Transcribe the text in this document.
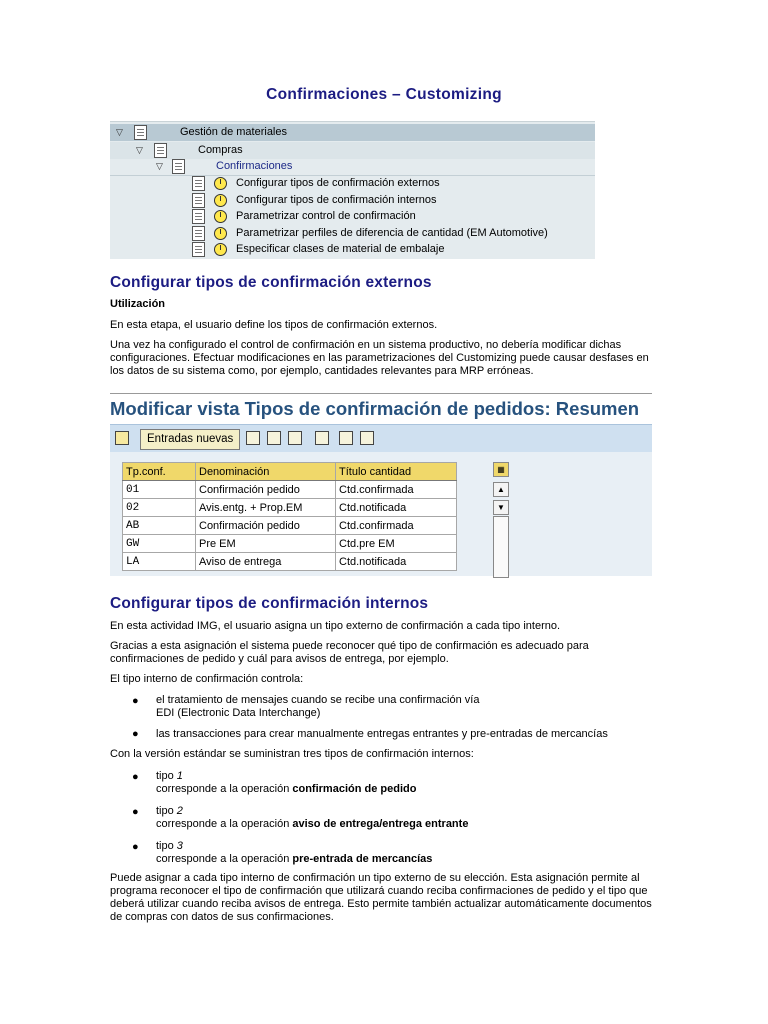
Confirmaciones – Customizing
▽	Gestión de materiales
▽	Compras
▽	Confirmaciones
Configurar tipos de confirmación externos
Configurar tipos de confirmación internos
Parametrizar control de confirmación
Parametrizar perfiles de diferencia de cantidad (EM Automotive)
Especificar clases de material de embalaje
Configurar tipos de confirmación externos
Utilización
En esta etapa, el usuario define los tipos de confirmación externos.
Una vez ha configurado el control de confirmación en un sistema productivo, no debería modificar dichas configuraciones. Efectuar modificaciones en las parametrizaciones del Customizing puede causar desfases en los datos de su sistema como, por ejemplo, cantidades relevantes para MRP erróneas.
Modificar vista Tipos de confirmación de pedidos: Resumen
Entradas nuevas
Tp.conf.	Denominación	Título cantidad
01	Confirmación pedido	Ctd.confirmada
02	Avis.entg. + Prop.EM	Ctd.notificada
AB	Confirmación pedido	Ctd.confirmada
GW	Pre EM	Ctd.pre EM
LA	Aviso de entrega	Ctd.notificada
▦
▲
▼
Configurar tipos de confirmación internos
En esta actividad IMG, el usuario asigna un tipo externo de confirmación a cada tipo interno.
Gracias a esta asignación el sistema puede reconocer qué tipo de confirmación es adecuado para confirmaciones de pedido y cuál para avisos de entrega, por ejemplo.
El tipo interno de confirmación controla:
● el tratamiento de mensajes cuando se recibe una confirmación vía EDI (Electronic Data Interchange)
● las transacciones para crear manualmente entregas entrantes y pre-entradas de mercancías
Con la versión estándar se suministran tres tipos de confirmación internos:
● tipo 1
corresponde a la operación confirmación de pedido
● tipo 2
corresponde a la operación aviso de entrega/entrega entrante
● tipo 3
corresponde a la operación pre-entrada de mercancías
Puede asignar a cada tipo interno de confirmación un tipo externo de su elección. Esta asignación permite al programa reconocer el tipo de confirmación que utilizará cuando reciba confirmaciones de pedido y el tipo que deberá utilizar cuando reciba avisos de entrega. Esto permite también actualizar automáticamente documentos de compras con datos de sus confirmaciones.
